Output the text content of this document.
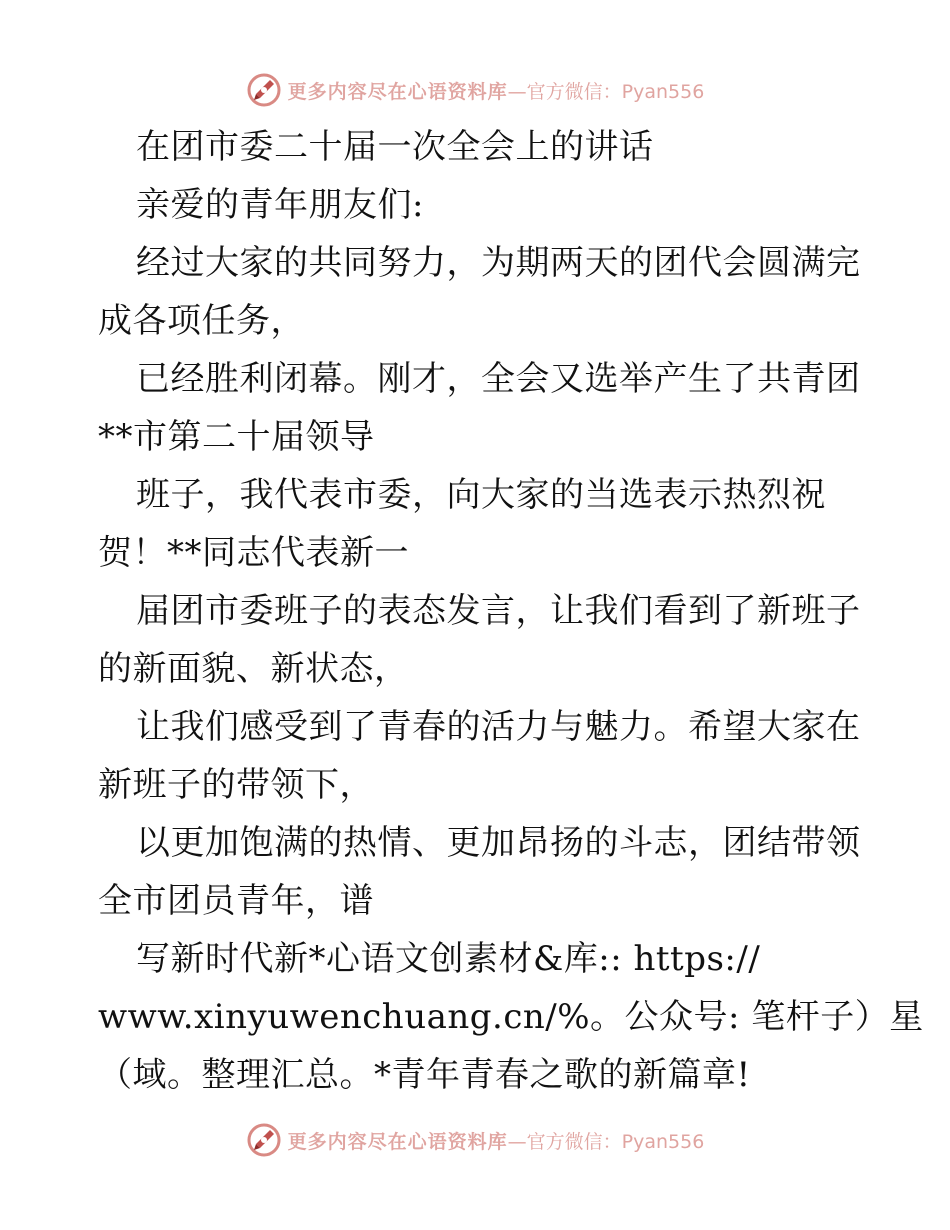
更多内容尽在心语资料库 —官方微信：Pyan556
在团市委二十届一次全会上的讲话
亲爱的青年朋友们:
经过大家的共同努力，为期两天的团代会圆满完
成各项任务，
已经胜利闭幕。刚才，全会又选举产生了共青团
**市第二十届领导
班子，我代表市委，向大家的当选表示热烈祝
贺！**同志代表新一
届团市委班子的表态发言，让我们看到了新班子
的新面貌、新状态，
让我们感受到了青春的活力与魅力。希望大家在
新班子的带领下，
以更加饱满的热情、更加昂扬的斗志，团结带领
全市团员青年，谱
写新时代新*心语文创素材&库:: https://
www.xinyuwenchuang.cn/%。公众号: 笔杆子）星
（域。整理汇总。*青年青春之歌的新篇章!
更多内容尽在心语资料库 —官方微信：Pyan556
